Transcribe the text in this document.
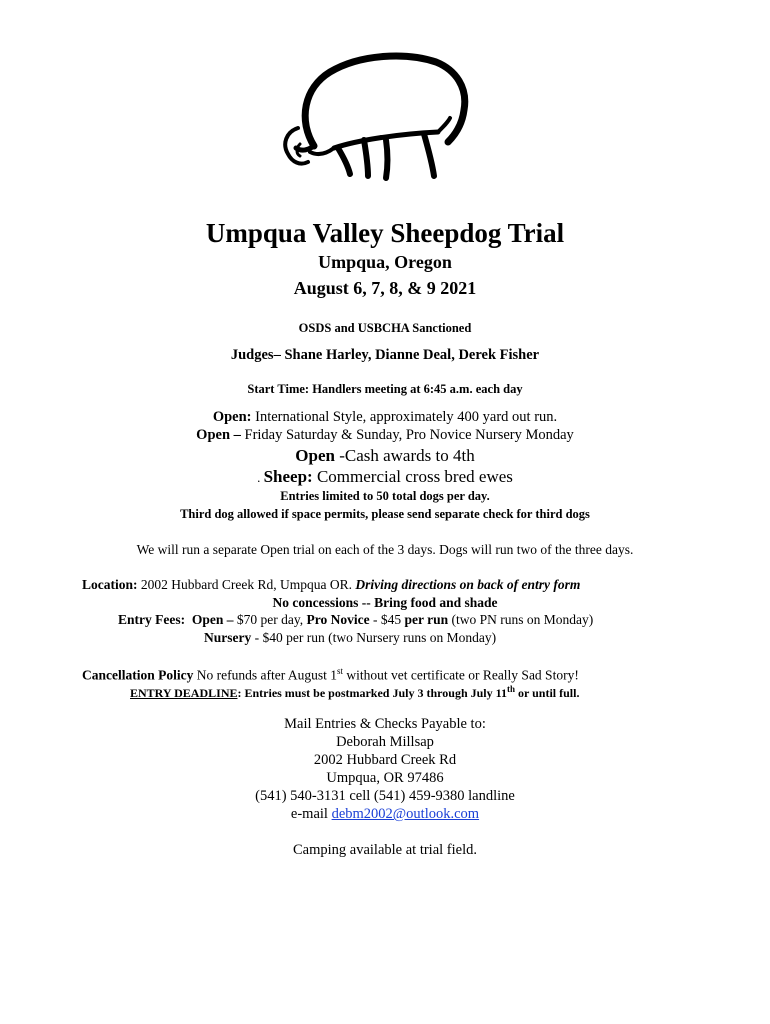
Umpqua Valley Sheepdog Trial
Umpqua, Oregon
August 6, 7, 8, & 9 2021
OSDS and USBCHA Sanctioned
Judges– Shane Harley, Dianne Deal, Derek Fisher
Start Time: Handlers meeting at 6:45 a.m. each day
Open: International Style, approximately 400 yard out run.
Open – Friday Saturday & Sunday, Pro Novice Nursery Monday
Open -Cash awards to 4th
. Sheep: Commercial cross bred ewes
Entries limited to 50 total dogs per day.
Third dog allowed if space permits, please send separate check for third dogs
We will run a separate Open trial on each of the 3 days. Dogs will run two of the three days.
Location: 2002 Hubbard Creek Rd, Umpqua OR. Driving directions on back of entry form
No concessions -- Bring food and shade
Entry Fees: Open – $70 per day, Pro Novice - $45 per run (two PN runs on Monday)
Nursery - $40 per run (two Nursery runs on Monday)
Cancellation Policy No refunds after August 1st without vet certificate or Really Sad Story!
ENTRY DEADLINE: Entries must be postmarked July 3 through July 11th or until full.
Mail Entries & Checks Payable to:
Deborah Millsap
2002 Hubbard Creek Rd
Umpqua, OR 97486
(541) 540-3131 cell (541) 459-9380 landline
e-mail debm2002@outlook.com
Camping available at trial field.
